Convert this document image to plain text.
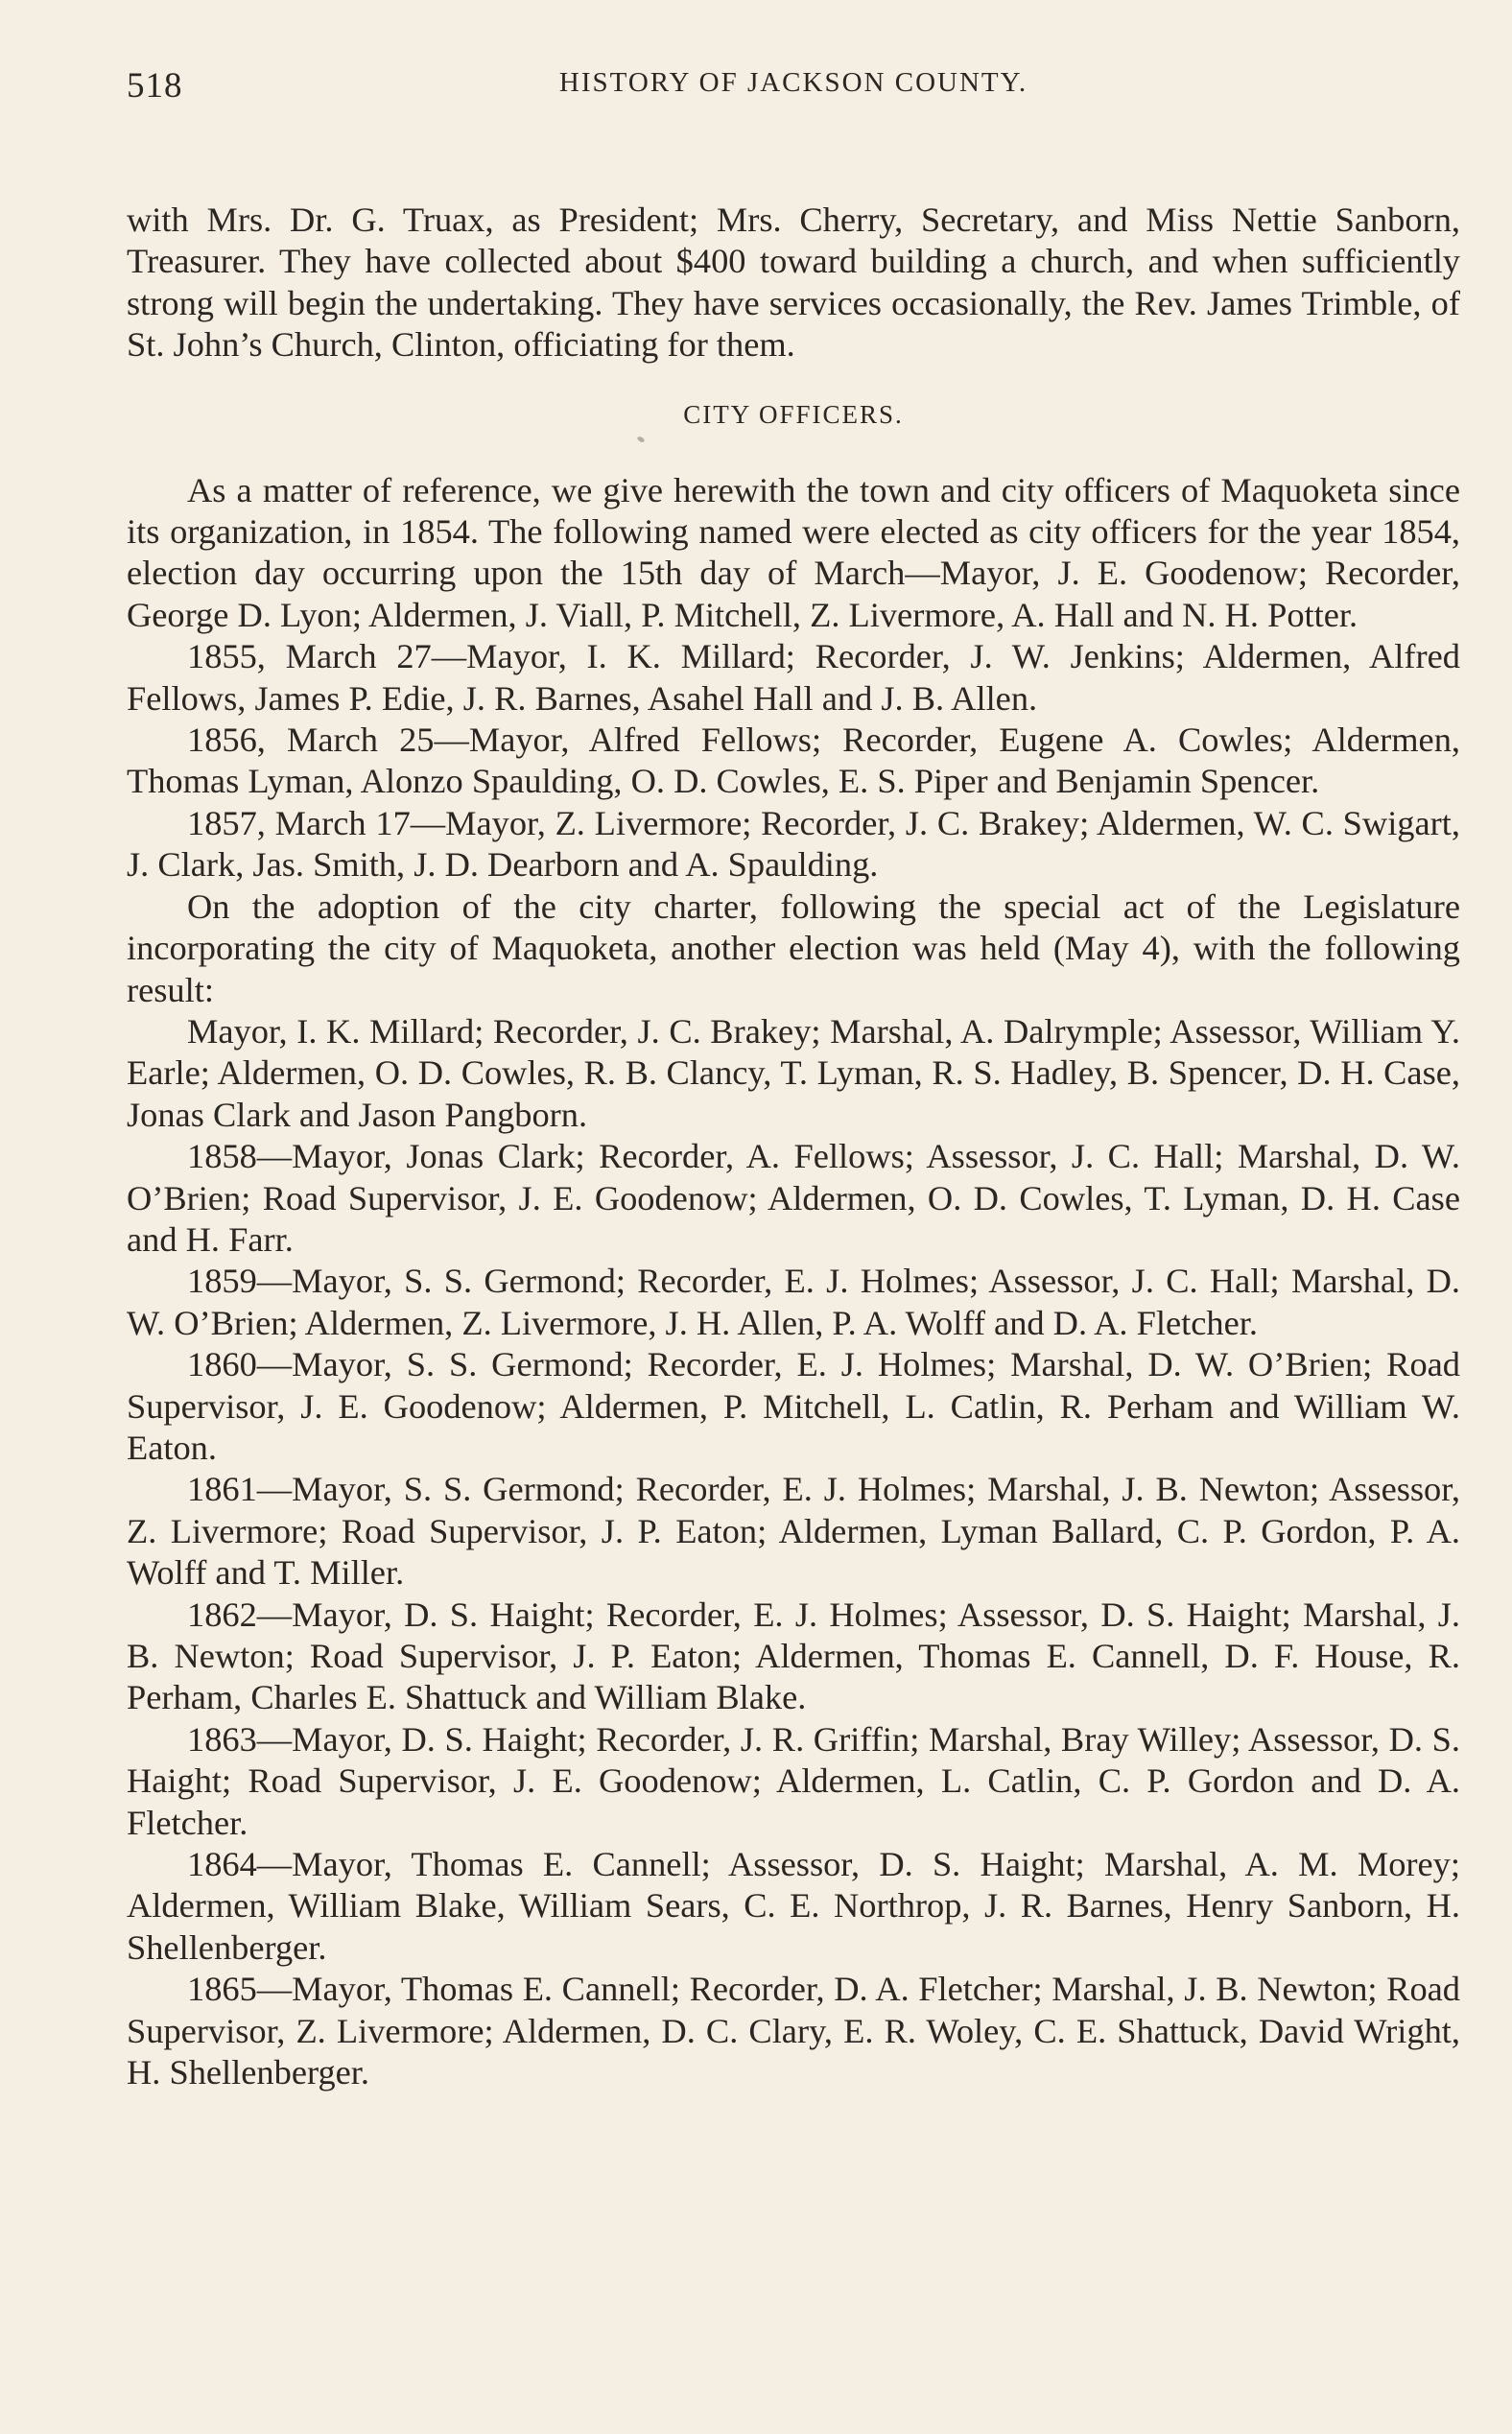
518	HISTORY OF JACKSON COUNTY.

with Mrs. Dr. G. Truax, as President; Mrs. Cherry, Secretary, and Miss Nettie Sanborn, Treasurer. They have collected about $400 toward building a church, and when sufficiently strong will begin the undertaking. They have services occasionally, the Rev. James Trimble, of St. John’s Church, Clinton, officiating for them.

CITY OFFICERS.

As a matter of reference, we give herewith the town and city officers of Maquoketa since its organization, in 1854. The following named were elected as city officers for the year 1854, election day occurring upon the 15th day of March—Mayor, J. E. Goodenow; Recorder, George D. Lyon; Aldermen, J. Viall, P. Mitchell, Z. Livermore, A. Hall and N. H. Potter.

1855, March 27—Mayor, I. K. Millard; Recorder, J. W. Jenkins; Aldermen, Alfred Fellows, James P. Edie, J. R. Barnes, Asahel Hall and J. B. Allen.

1856, March 25—Mayor, Alfred Fellows; Recorder, Eugene A. Cowles; Aldermen, Thomas Lyman, Alonzo Spaulding, O. D. Cowles, E. S. Piper and Benjamin Spencer.

1857, March 17—Mayor, Z. Livermore; Recorder, J. C. Brakey; Aldermen, W. C. Swigart, J. Clark, Jas. Smith, J. D. Dearborn and A. Spaulding.

On the adoption of the city charter, following the special act of the Legislature incorporating the city of Maquoketa, another election was held (May 4), with the following result:

Mayor, I. K. Millard; Recorder, J. C. Brakey; Marshal, A. Dalrymple; Assessor, William Y. Earle; Aldermen, O. D. Cowles, R. B. Clancy, T. Lyman, R. S. Hadley, B. Spencer, D. H. Case, Jonas Clark and Jason Pangborn.

1858—Mayor, Jonas Clark; Recorder, A. Fellows; Assessor, J. C. Hall; Marshal, D. W. O’Brien; Road Supervisor, J. E. Goodenow; Aldermen, O. D. Cowles, T. Lyman, D. H. Case and H. Farr.

1859—Mayor, S. S. Germond; Recorder, E. J. Holmes; Assessor, J. C. Hall; Marshal, D. W. O’Brien; Aldermen, Z. Livermore, J. H. Allen, P. A. Wolff and D. A. Fletcher.

1860—Mayor, S. S. Germond; Recorder, E. J. Holmes; Marshal, D. W. O’Brien; Road Supervisor, J. E. Goodenow; Aldermen, P. Mitchell, L. Catlin, R. Perham and William W. Eaton.

1861—Mayor, S. S. Germond; Recorder, E. J. Holmes; Marshal, J. B. Newton; Assessor, Z. Livermore; Road Supervisor, J. P. Eaton; Aldermen, Lyman Ballard, C. P. Gordon, P. A. Wolff and T. Miller.

1862—Mayor, D. S. Haight; Recorder, E. J. Holmes; Assessor, D. S. Haight; Marshal, J. B. Newton; Road Supervisor, J. P. Eaton; Aldermen, Thomas E. Cannell, D. F. House, R. Perham, Charles E. Shattuck and William Blake.

1863—Mayor, D. S. Haight; Recorder, J. R. Griffin; Marshal, Bray Willey; Assessor, D. S. Haight; Road Supervisor, J. E. Goodenow; Aldermen, L. Catlin, C. P. Gordon and D. A. Fletcher.

1864—Mayor, Thomas E. Cannell; Assessor, D. S. Haight; Marshal, A. M. Morey; Aldermen, William Blake, William Sears, C. E. Northrop, J. R. Barnes, Henry Sanborn, H. Shellenberger.

1865—Mayor, Thomas E. Cannell; Recorder, D. A. Fletcher; Marshal, J. B. Newton; Road Supervisor, Z. Livermore; Aldermen, D. C. Clary, E. R. Woley, C. E. Shattuck, David Wright, H. Shellenberger.
